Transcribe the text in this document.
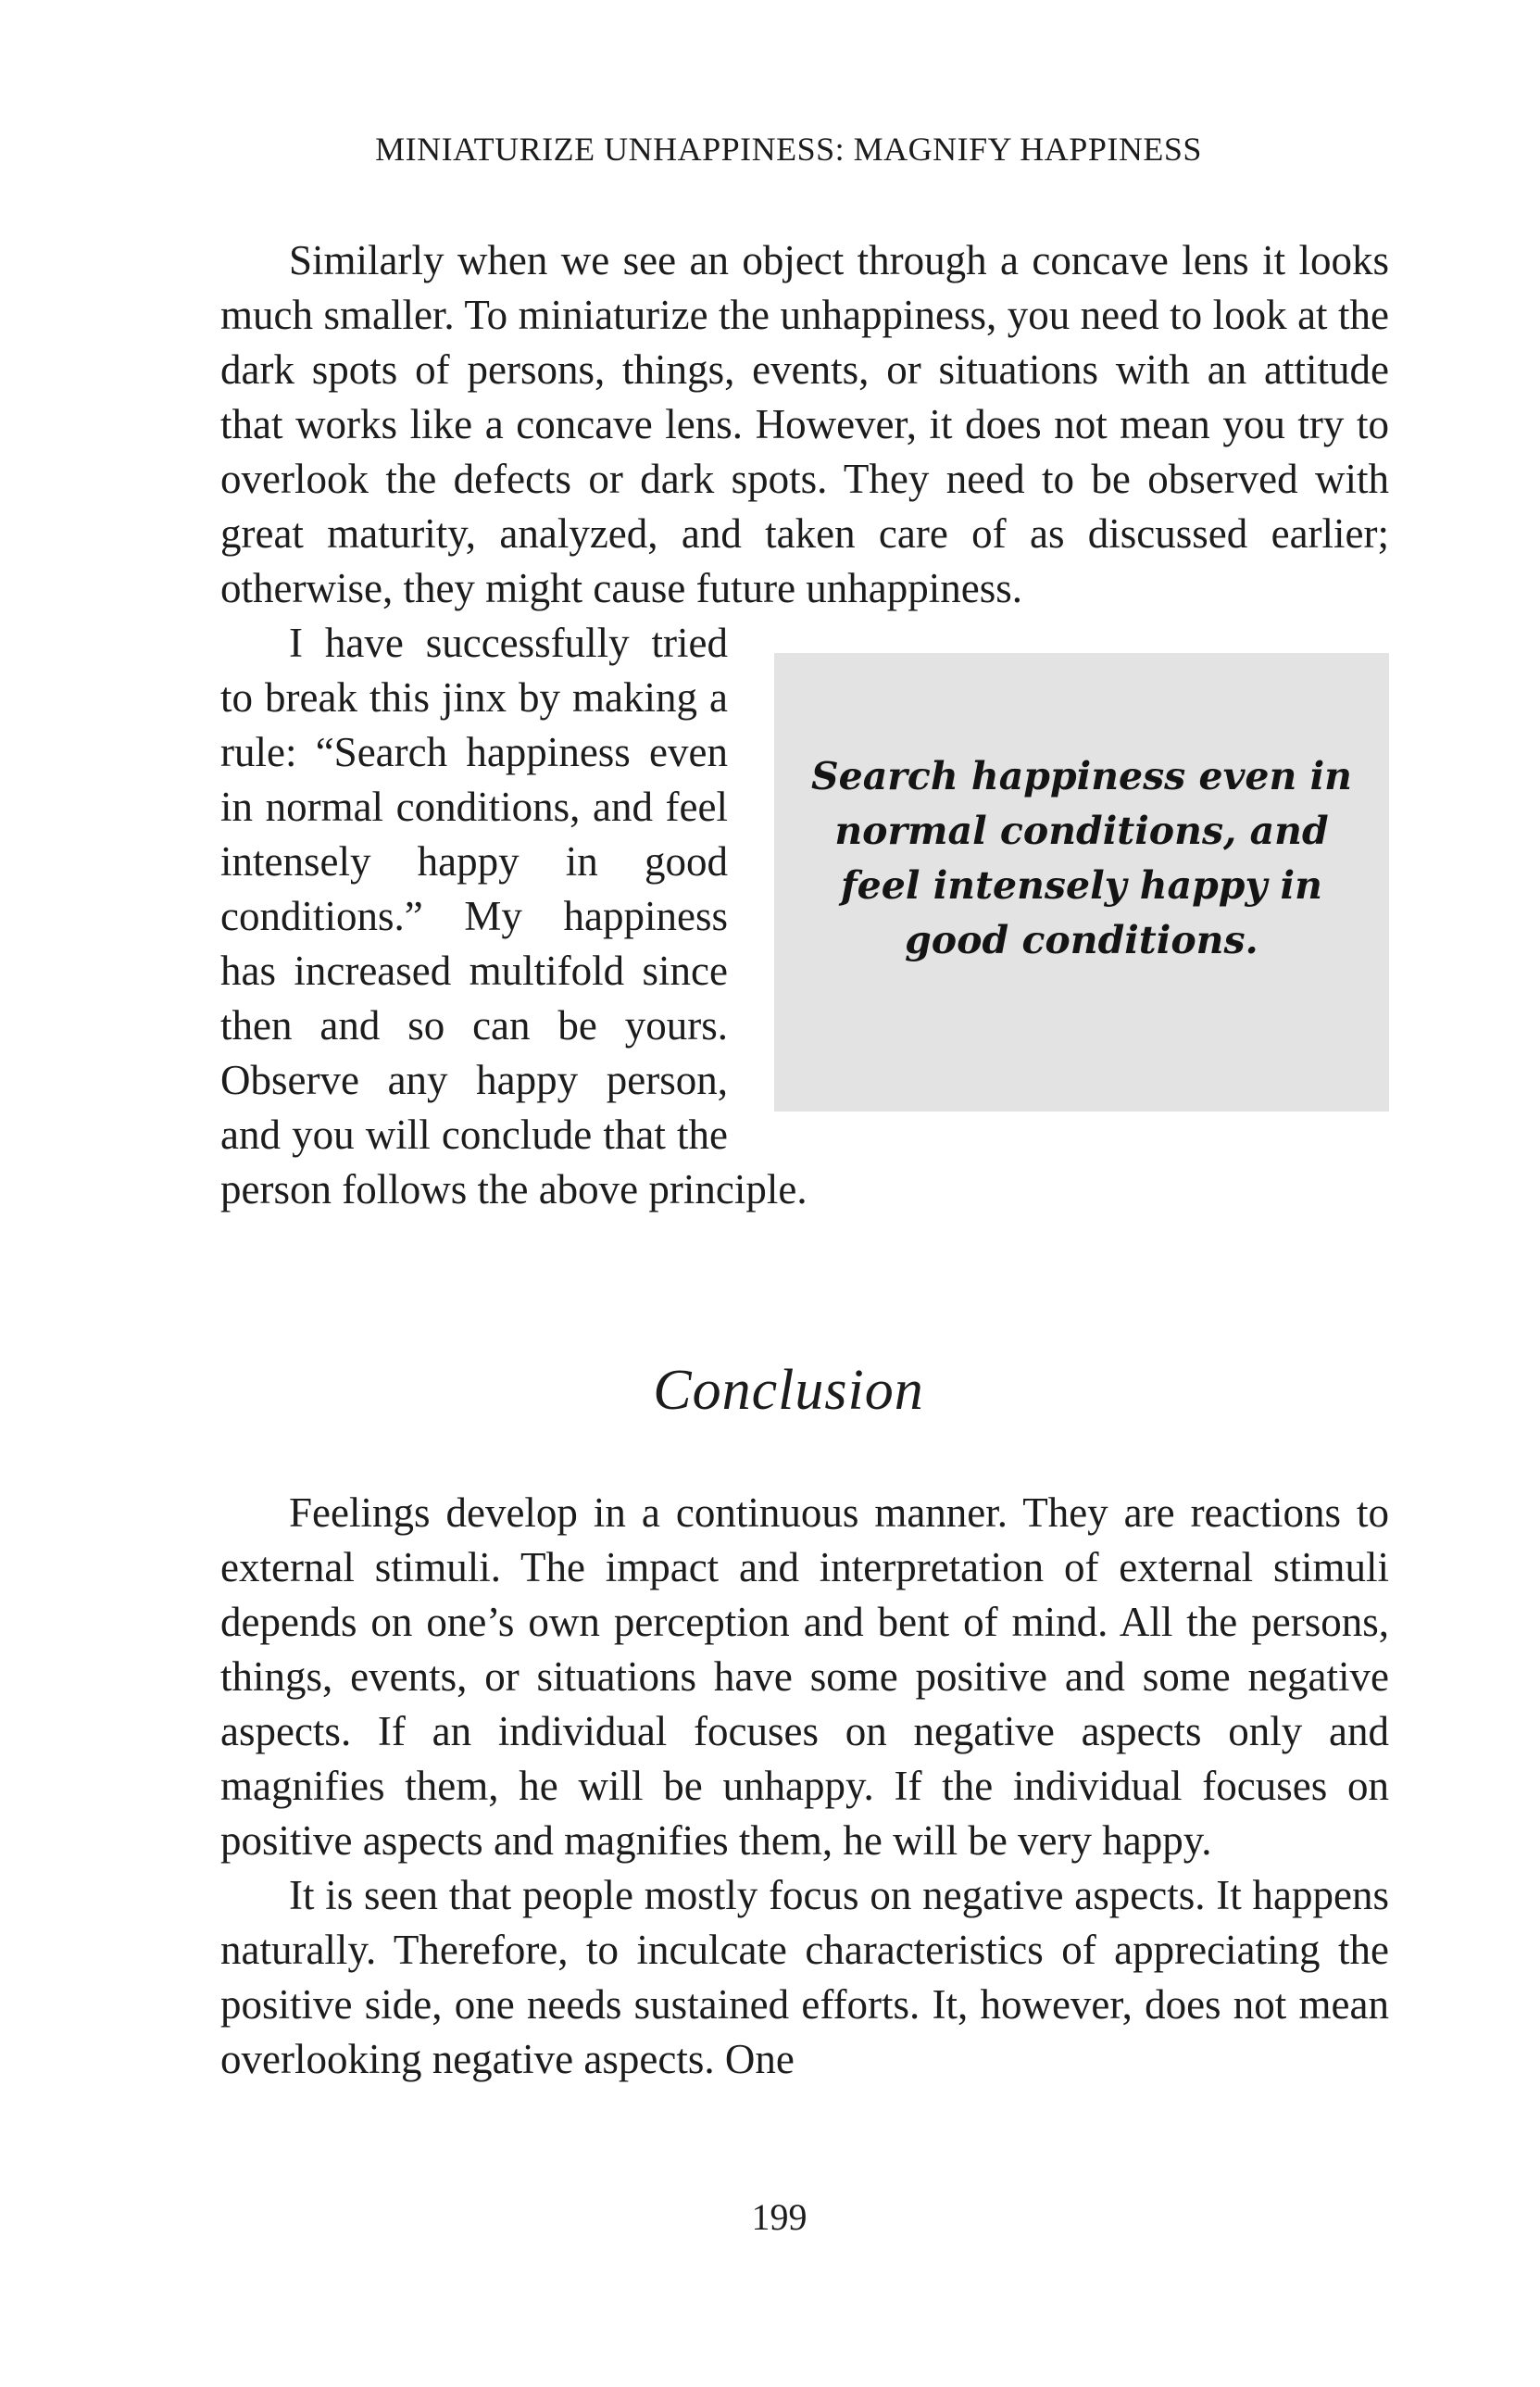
MINIATURIZE UNHAPPINESS: MAGNIFY HAPPINESS

Similarly when we see an object through a concave lens it looks much smaller. To miniaturize the unhappiness, you need to look at the dark spots of persons, things, events, or situations with an attitude that works like a concave lens. However, it does not mean you try to overlook the defects or dark spots. They need to be observed with great maturity, analyzed, and taken care of as discussed earlier; otherwise, they might cause future unhappiness.

Search happiness even in normal conditions, and feel intensely happy in good conditions.

I have successfully tried to break this jinx by making a rule: “Search happiness even in normal conditions, and feel intensely happy in good conditions.” My happiness has increased multifold since then and so can be yours. Observe any happy person, and you will conclude that the person follows the above principle.

Conclusion

Feelings develop in a continuous manner. They are reactions to external stimuli. The impact and interpretation of external stimuli depends on one’s own perception and bent of mind. All the persons, things, events, or situations have some positive and some negative aspects. If an individual focuses on negative aspects only and magnifies them, he will be unhappy. If the individual focuses on positive aspects and magnifies them, he will be very happy.

It is seen that people mostly focus on negative aspects. It happens naturally. Therefore, to inculcate characteristics of appreciating the positive side, one needs sustained efforts. It, however, does not mean overlooking negative aspects. One

199
